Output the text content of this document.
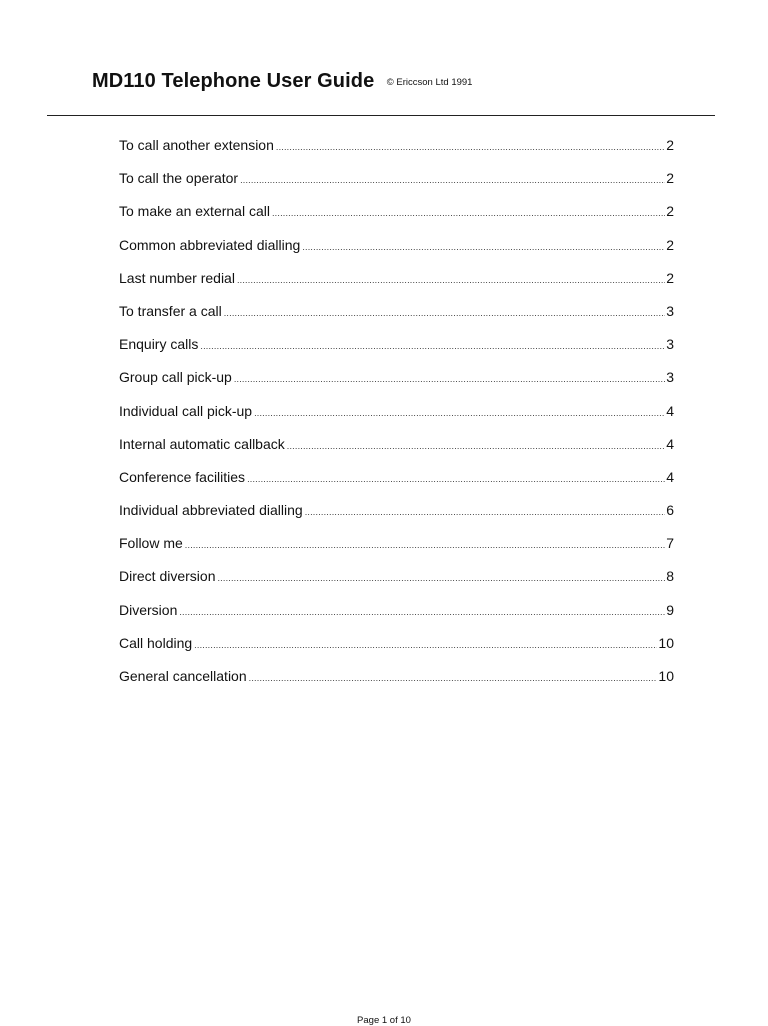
MD110 Telephone User Guide © Ericcson Ltd 1991
To call another extension .....	2
To call the operator .....	2
To make an external call .....	2
Common abbreviated dialling .....	2
Last number redial .....	2
To transfer a call .....	3
Enquiry calls .....	3
Group call pick-up .....	3
Individual call pick-up .....	4
Internal automatic callback .....	4
Conference facilities .....	4
Individual abbreviated dialling .....	6
Follow me .....	7
Direct diversion .....	8
Diversion .....	9
Call holding .....	10
General cancellation .....	10
Page 1 of 10
